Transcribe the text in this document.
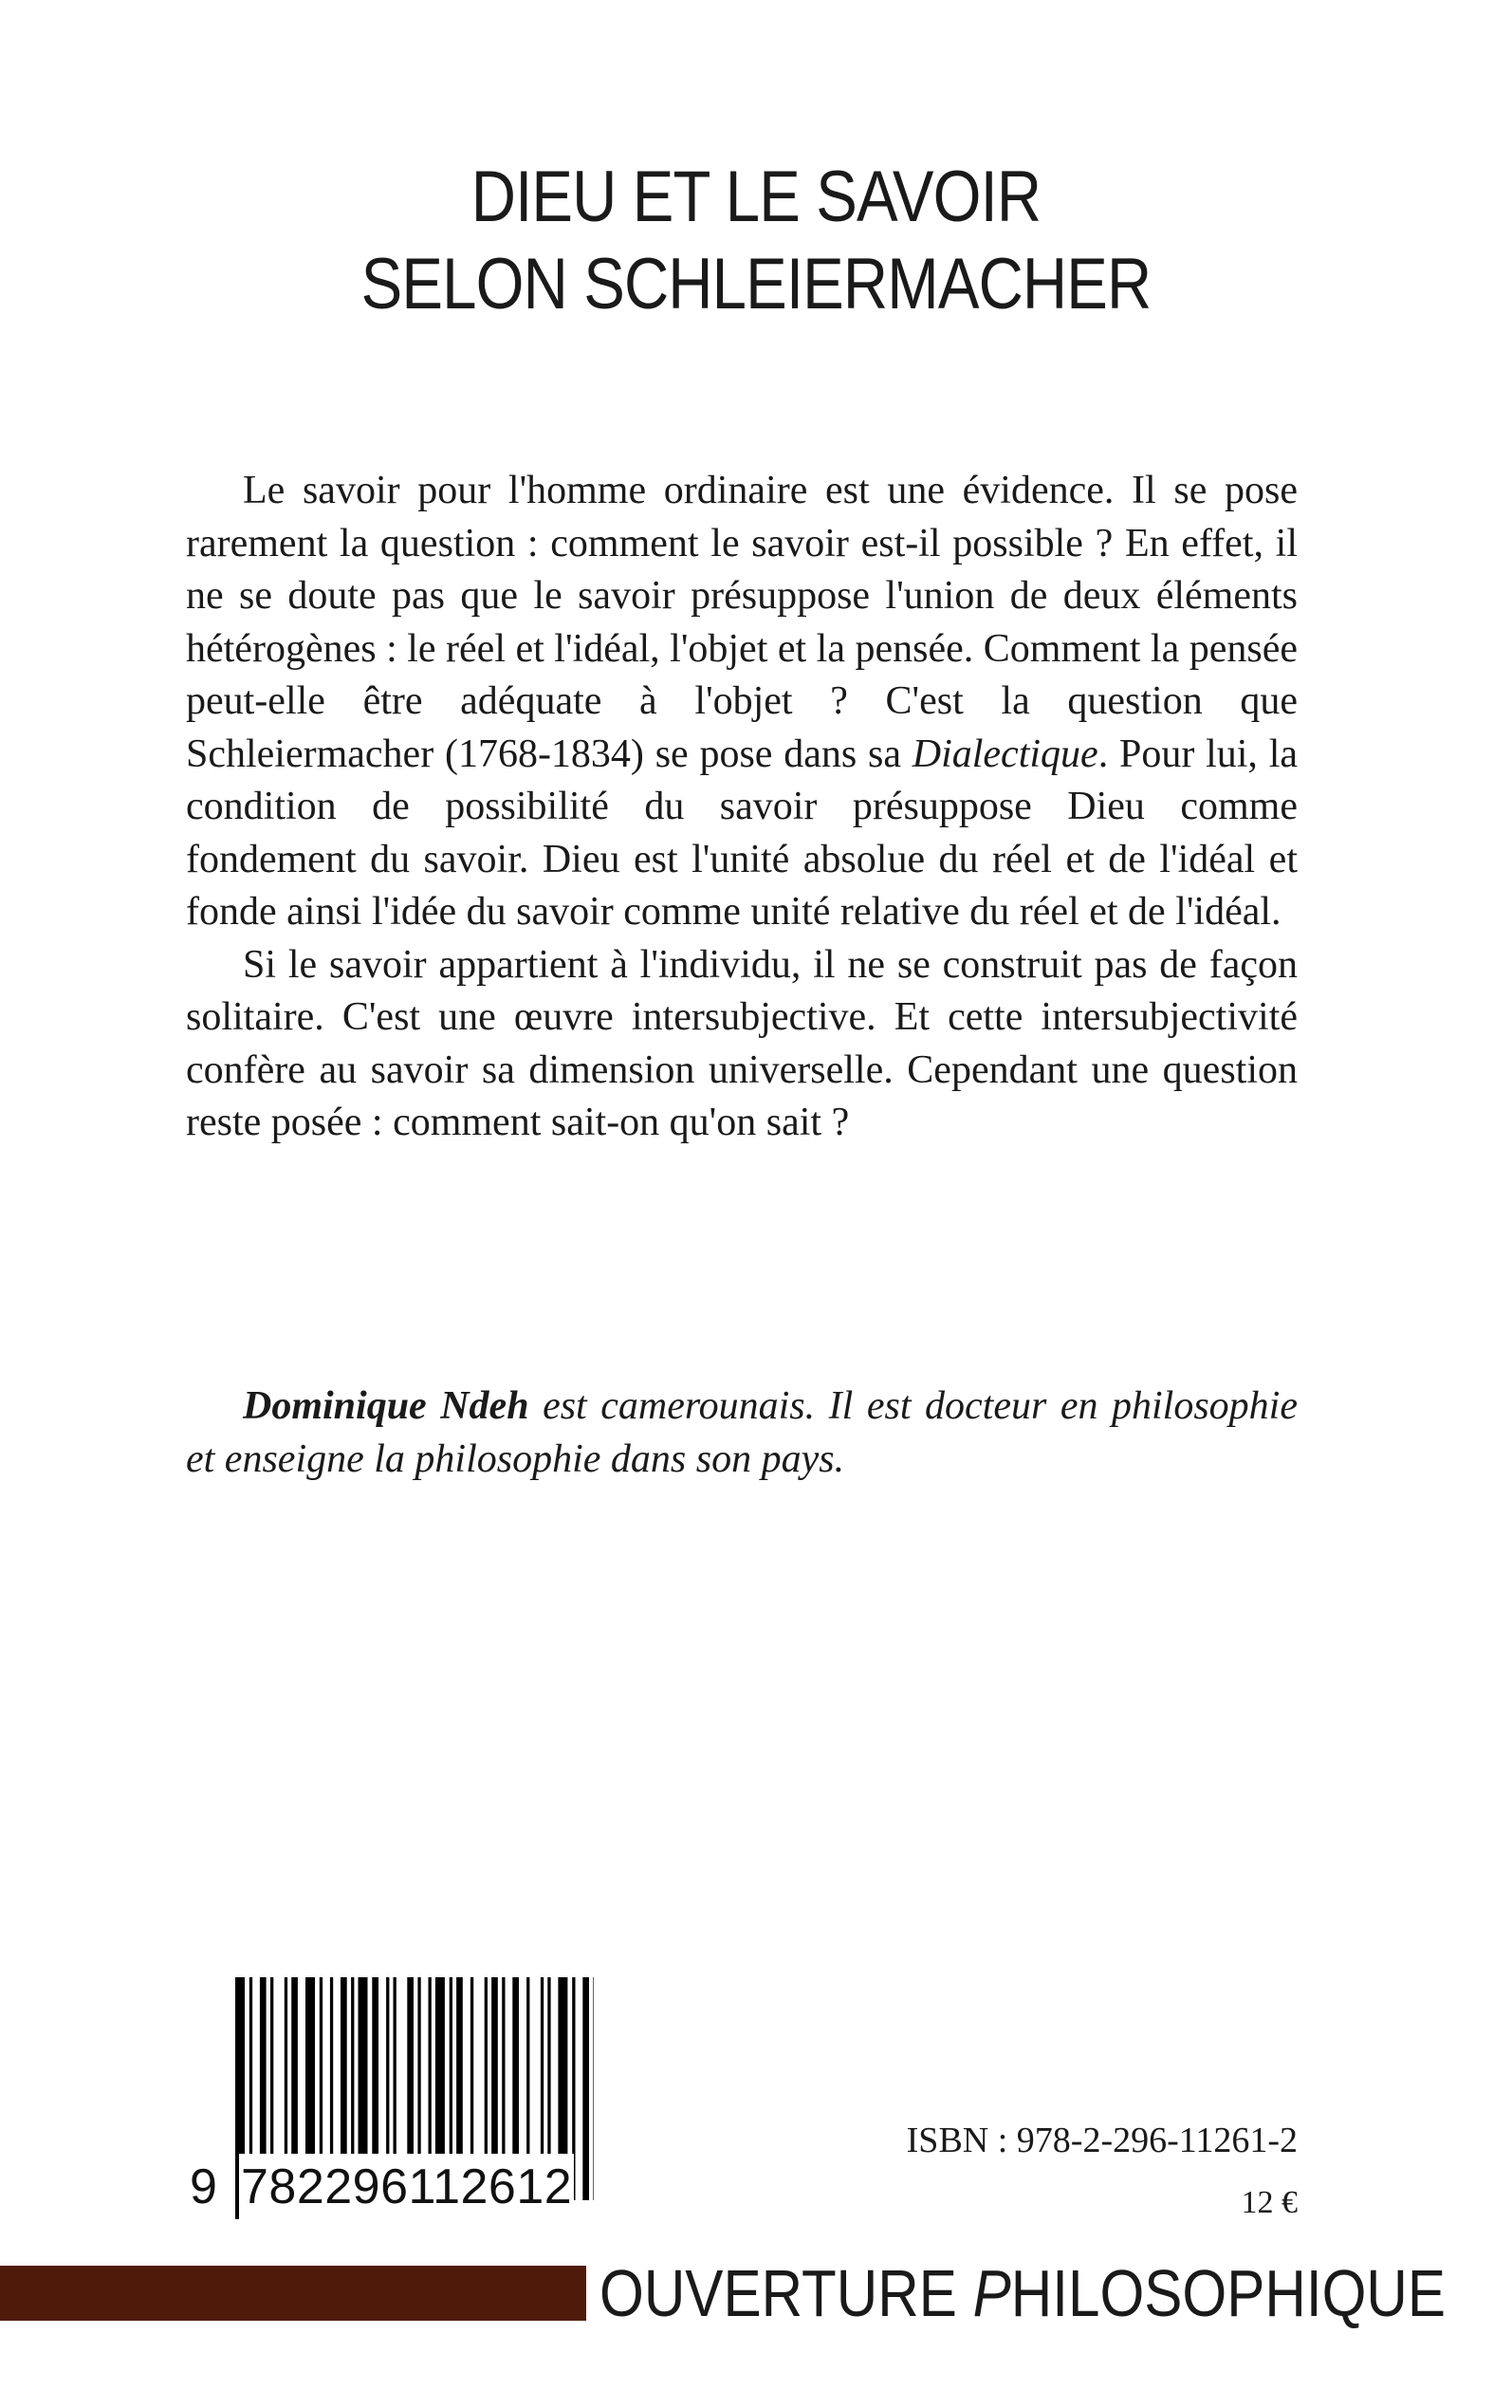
DIEU ET LE SAVOIR
SELON SCHLEIERMACHER

Le savoir pour l'homme ordinaire est une évidence. Il se pose rarement la question : comment le savoir est-il possible ? En effet, il ne se doute pas que le savoir présuppose l'union de deux éléments hétérogènes : le réel et l'idéal, l'objet et la pensée. Comment la pensée peut-elle être adéquate à l'objet ? C'est la question que Schleiermacher (1768-1834) se pose dans sa Dialectique. Pour lui, la condition de possibilité du savoir présuppose Dieu comme fondement du savoir. Dieu est l'unité absolue du réel et de l'idéal et fonde ainsi l'idée du savoir comme unité relative du réel et de l'idéal.

Si le savoir appartient à l'individu, il ne se construit pas de façon solitaire. C'est une œuvre intersubjective. Et cette intersubjectivité confère au savoir sa dimension universelle. Cependant une question reste posée : comment sait-on qu'on sait ?

Dominique Ndeh est camerounais. Il est docteur en philosophie et enseigne la philosophie dans son pays.
9 782296112612
ISBN : 978-2-296-11261-2
12 €
OUVERTURE PHILOSOPHIQUE
